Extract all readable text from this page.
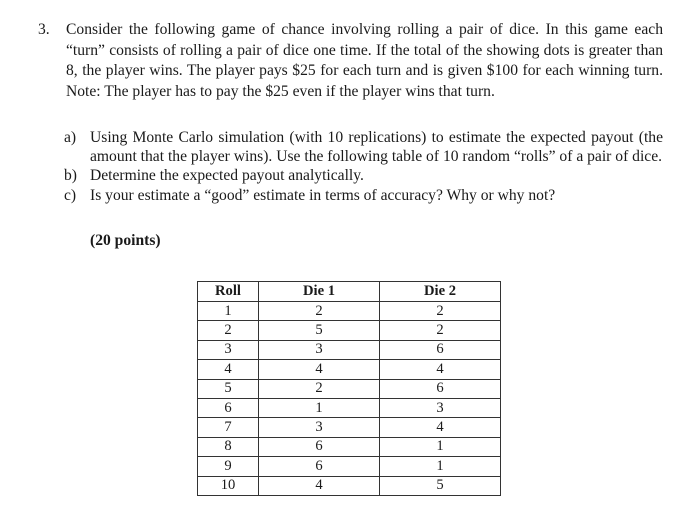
3.	Consider the following game of chance involving rolling a pair of dice. In this game each “turn” consists of rolling a pair of dice one time. If the total of the showing dots is greater than 8, the player wins. The player pays $25 for each turn and is given $100 for each winning turn. Note: The player has to pay the $25 even if the player wins that turn.
a) Using Monte Carlo simulation (with 10 replications) to estimate the expected payout (the amount that the player wins). Use the following table of 10 random “rolls” of a pair of dice.
b) Determine the expected payout analytically.
c) Is your estimate a “good” estimate in terms of accuracy? Why or why not?
(20 points)
Roll	Die 1	Die 2
1	2	2
2	5	2
3	3	6
4	4	4
5	2	6
6	1	3
7	3	4
8	6	1
9	6	1
10	4	5
